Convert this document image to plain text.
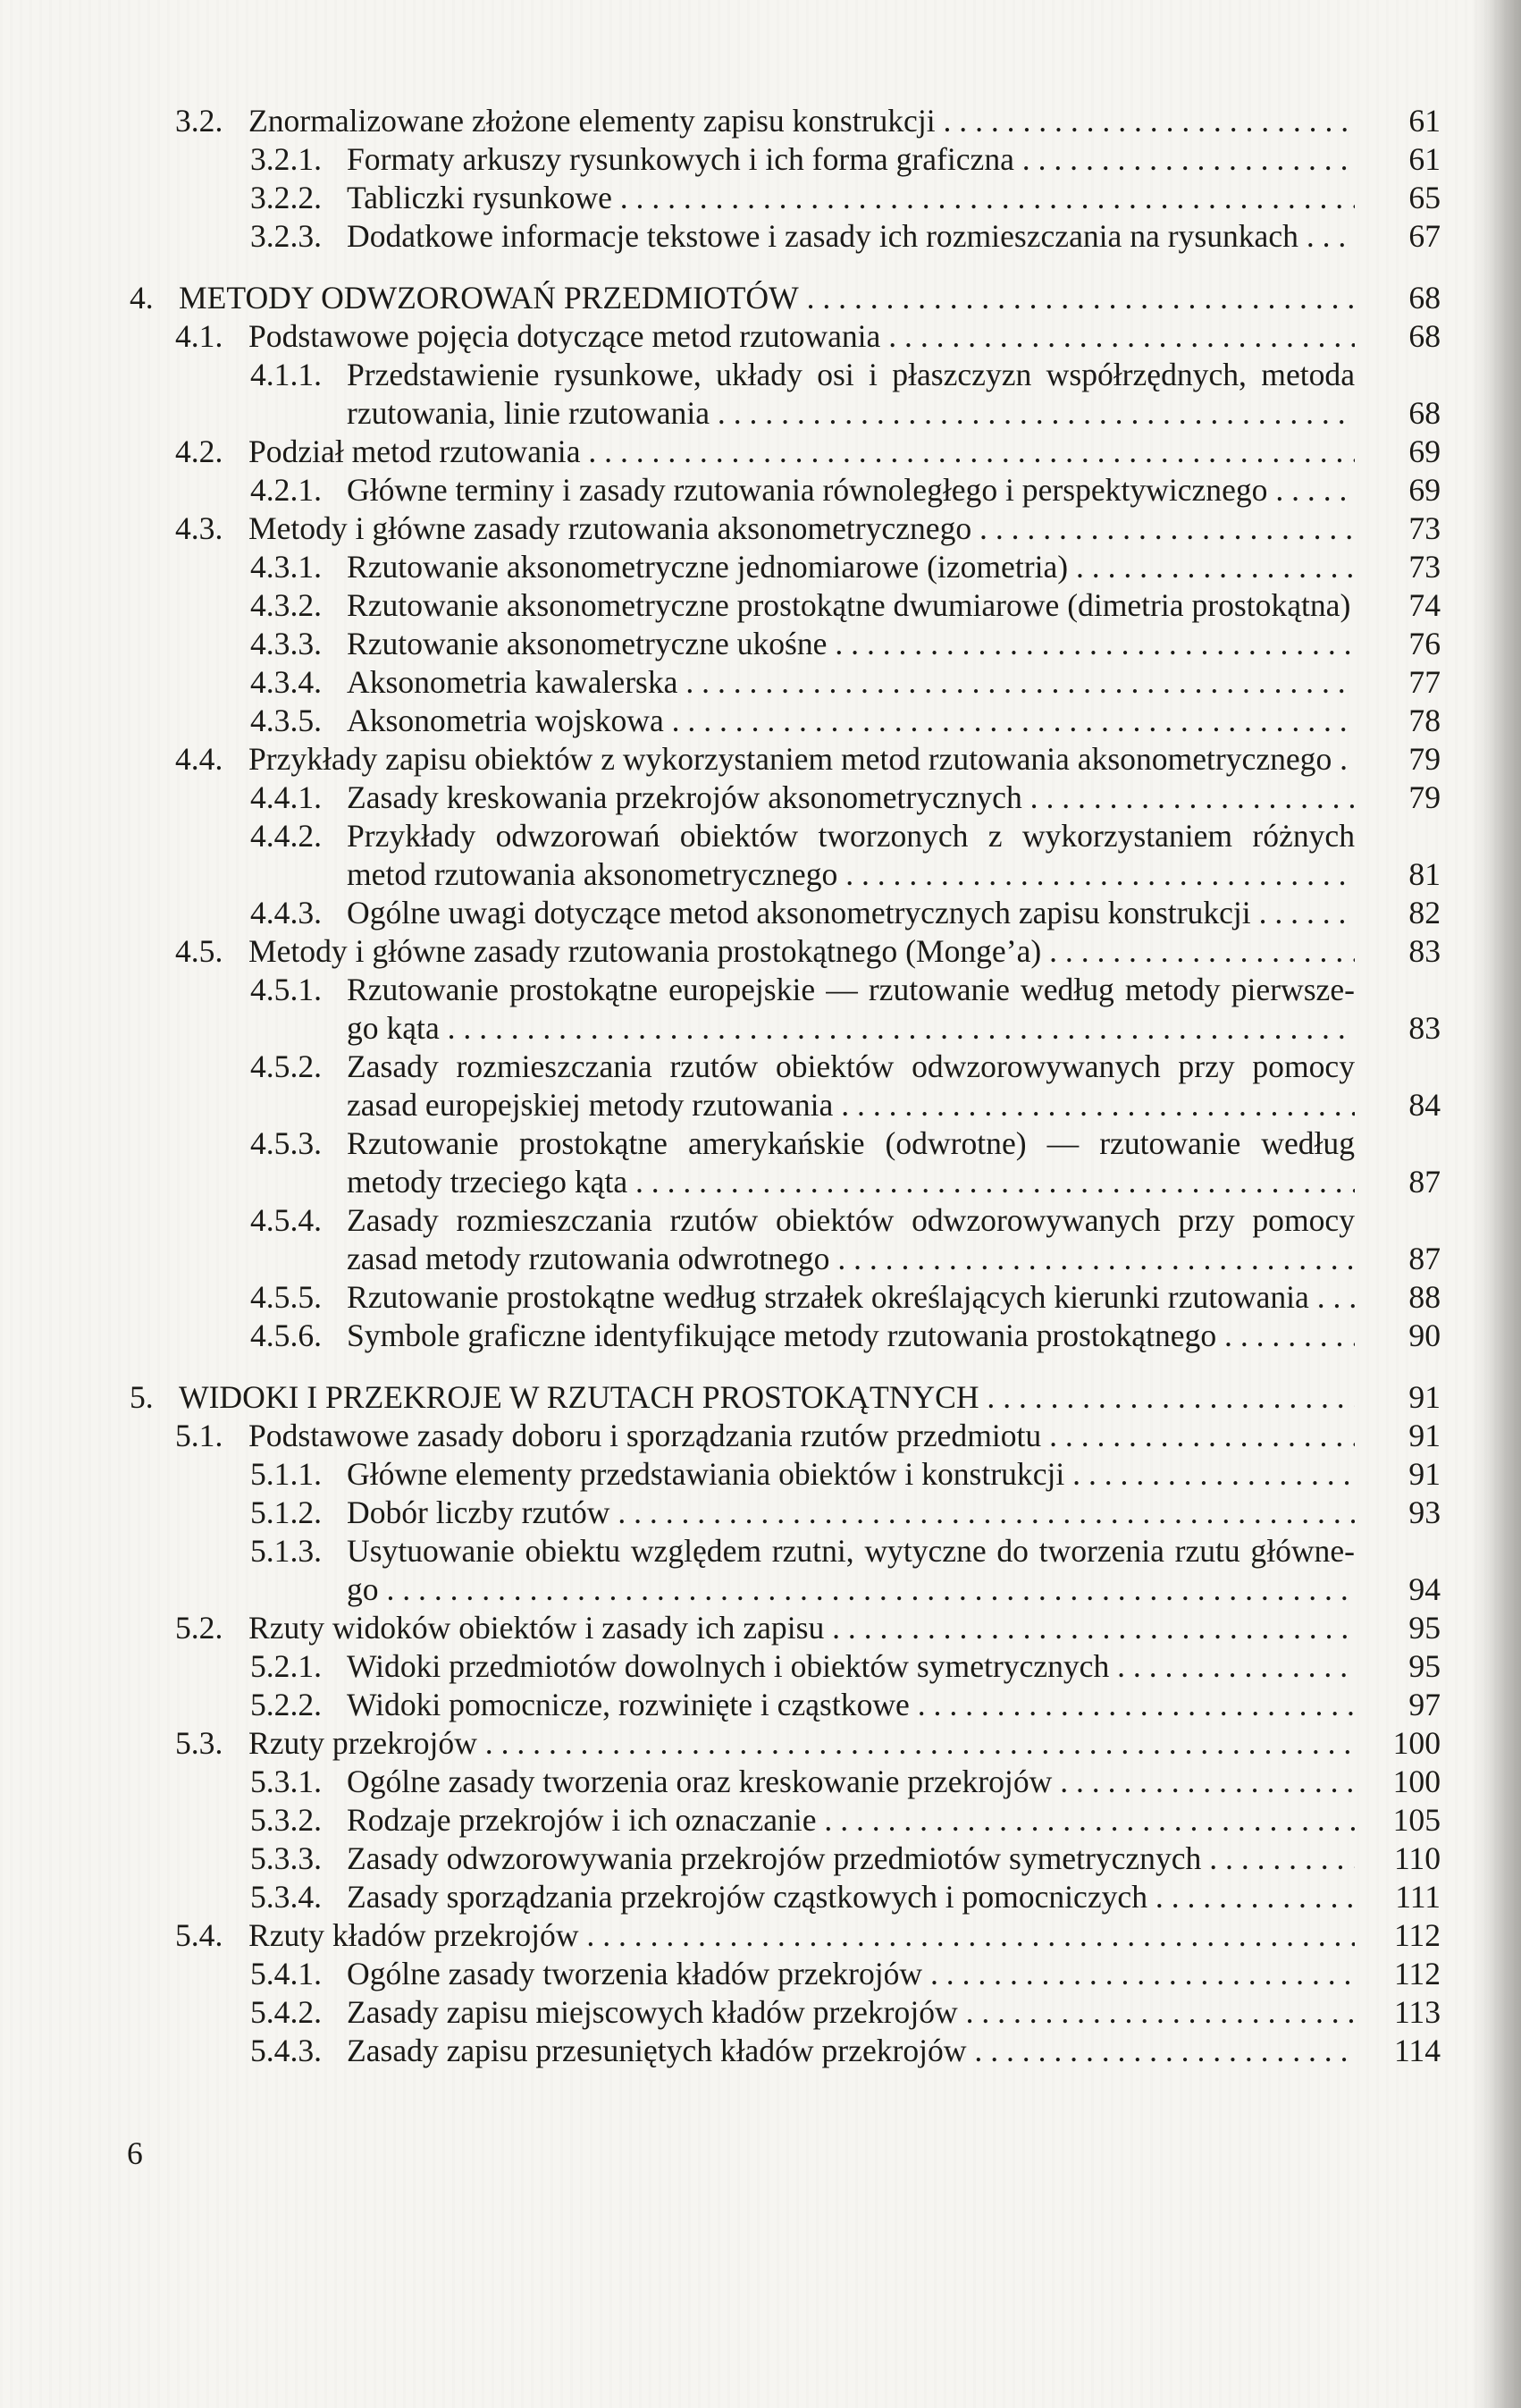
3.2. Znormalizowane złożone elementy zapisu konstrukcji . . .	61
3.2.1. Formaty arkuszy rysunkowych i ich forma graficzna . . .	61
3.2.2. Tabliczki rysunkowe . . .	65
3.2.3. Dodatkowe informacje tekstowe i zasady ich rozmieszczania na rysunkach . . .	67
4. METODY ODWZOROWAŃ PRZEDMIOTÓW . . .	68
4.1. Podstawowe pojęcia dotyczące metod rzutowania . . .	68
4.1.1. Przedstawienie rysunkowe, układy osi i płaszczyzn współrzędnych, metoda rzutowania, linie rzutowania . . .	68
4.2. Podział metod rzutowania . . .	69
4.2.1. Główne terminy i zasady rzutowania równoległego i perspektywicznego . . .	69
4.3. Metody i główne zasady rzutowania aksonometrycznego . . .	73
4.3.1. Rzutowanie aksonometryczne jednomiarowe (izometria) . . .	73
4.3.2. Rzutowanie aksonometryczne prostokątne dwumiarowe (dimetria prostokątna) . . .	74
4.3.3. Rzutowanie aksonometryczne ukośne . . .	76
4.3.4. Aksonometria kawalerska . . .	77
4.3.5. Aksonometria wojskowa . . .	78
4.4. Przykłady zapisu obiektów z wykorzystaniem metod rzutowania aksonometrycznego . . .	79
4.4.1. Zasady kreskowania przekrojów aksonometrycznych . . .	79
4.4.2. Przykłady odwzorowań obiektów tworzonych z wykorzystaniem różnych metod rzutowania aksonometrycznego . . .	81
4.4.3. Ogólne uwagi dotyczące metod aksonometrycznych zapisu konstrukcji . . .	82
4.5. Metody i główne zasady rzutowania prostokątnego (Monge’a) . . .	83
4.5.1. Rzutowanie prostokątne europejskie — rzutowanie według metody pierwszego kąta . . .	83
4.5.2. Zasady rozmieszczania rzutów obiektów odwzorowywanych przy pomocy zasad europejskiej metody rzutowania . . .	84
4.5.3. Rzutowanie prostokątne amerykańskie (odwrotne) — rzutowanie według metody trzeciego kąta . . .	87
4.5.4. Zasady rozmieszczania rzutów obiektów odwzorowywanych przy pomocy zasad metody rzutowania odwrotnego . . .	87
4.5.5. Rzutowanie prostokątne według strzałek określających kierunki rzutowania . . .	88
4.5.6. Symbole graficzne identyfikujące metody rzutowania prostokątnego . . .	90
5. WIDOKI I PRZEKROJE W RZUTACH PROSTOKĄTNYCH . . .	91
5.1. Podstawowe zasady doboru i sporządzania rzutów przedmiotu . . .	91
5.1.1. Główne elementy przedstawiania obiektów i konstrukcji . . .	91
5.1.2. Dobór liczby rzutów . . .	93
5.1.3. Usytuowanie obiektu względem rzutni, wytyczne do tworzenia rzutu głównego . . .	94
5.2. Rzuty widoków obiektów i zasady ich zapisu . . .	95
5.2.1. Widoki przedmiotów dowolnych i obiektów symetrycznych . . .	95
5.2.2. Widoki pomocnicze, rozwinięte i cząstkowe . . .	97
5.3. Rzuty przekrojów . . .	100
5.3.1. Ogólne zasady tworzenia oraz kreskowanie przekrojów . . .	100
5.3.2. Rodzaje przekrojów i ich oznaczanie . . .	105
5.3.3. Zasady odwzorowywania przekrojów przedmiotów symetrycznych . . .	110
5.3.4. Zasady sporządzania przekrojów cząstkowych i pomocniczych . . .	111
5.4. Rzuty kładów przekrojów . . .	112
5.4.1. Ogólne zasady tworzenia kładów przekrojów . . .	112
5.4.2. Zasady zapisu miejscowych kładów przekrojów . . .	113
5.4.3. Zasady zapisu przesuniętych kładów przekrojów . . .	114
6
